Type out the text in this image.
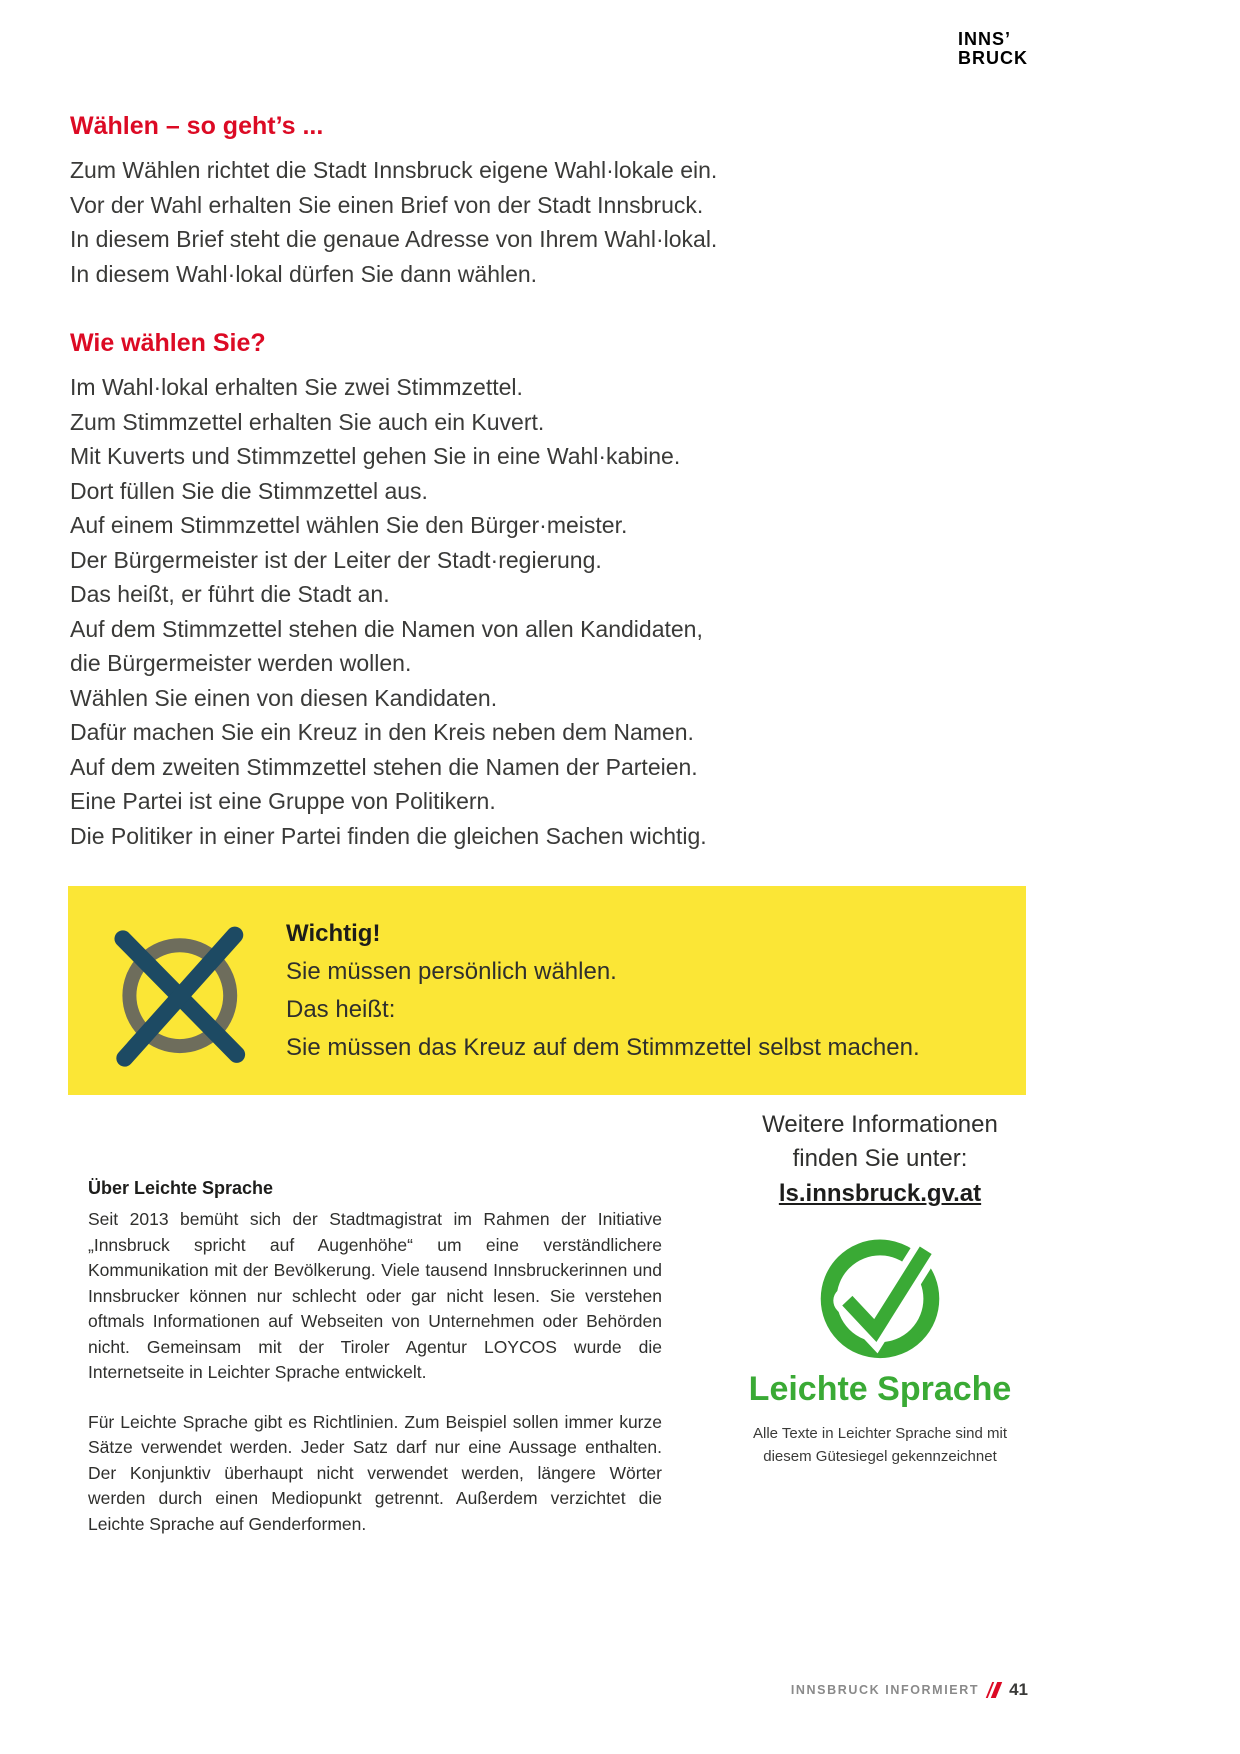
INNS’
BRUCK
Wählen – so geht’s ...
Zum Wählen richtet die Stadt Innsbruck eigene Wahl·lokale ein.
Vor der Wahl erhalten Sie einen Brief von der Stadt Innsbruck.
In diesem Brief steht die genaue Adresse von Ihrem Wahl·lokal.
In diesem Wahl·lokal dürfen Sie dann wählen.
Wie wählen Sie?
Im Wahl·lokal erhalten Sie zwei Stimmzettel.
Zum Stimmzettel erhalten Sie auch ein Kuvert.
Mit Kuverts und Stimmzettel gehen Sie in eine Wahl·kabine.
Dort füllen Sie die Stimmzettel aus.
Auf einem Stimmzettel wählen Sie den Bürger·meister.
Der Bürgermeister ist der Leiter der Stadt·regierung.
Das heißt, er führt die Stadt an.
Auf dem Stimmzettel stehen die Namen von allen Kandidaten,
die Bürgermeister werden wollen.
Wählen Sie einen von diesen Kandidaten.
Dafür machen Sie ein Kreuz in den Kreis neben dem Namen.
Auf dem zweiten Stimmzettel stehen die Namen der Parteien.
Eine Partei ist eine Gruppe von Politikern.
Die Politiker in einer Partei finden die gleichen Sachen wichtig.
Wichtig!
Sie müssen persönlich wählen.
Das heißt:
Sie müssen das Kreuz auf dem Stimmzettel selbst machen.
Weitere Informationen
finden Sie unter:
ls.innsbruck.gv.at
Leichte Sprache
Alle Texte in Leichter Sprache sind mit
diesem Gütesiegel gekennzeichnet
Über Leichte Sprache

Seit 2013 bemüht sich der Stadtmagistrat im Rahmen der Initiative „Innsbruck spricht auf Augenhöhe“ um eine verständlichere Kommunikation mit der Bevölkerung. Viele tausend Innsbruckerinnen und Innsbrucker können nur schlecht oder gar nicht lesen. Sie verstehen oftmals Informationen auf Webseiten von Unternehmen oder Behörden nicht. Gemeinsam mit der Tiroler Agentur LOYCOS wurde die Internetseite in Leichter Sprache entwickelt.

Für Leichte Sprache gibt es Richtlinien. Zum Beispiel sollen immer kurze Sätze verwendet werden. Jeder Satz darf nur eine Aussage enthalten. Der Konjunktiv überhaupt nicht verwendet werden, längere Wörter werden durch einen Mediopunkt getrennt. Außerdem verzichtet die Leichte Sprache auf Genderformen.

INNSBRUCK INFORMIERT 41
